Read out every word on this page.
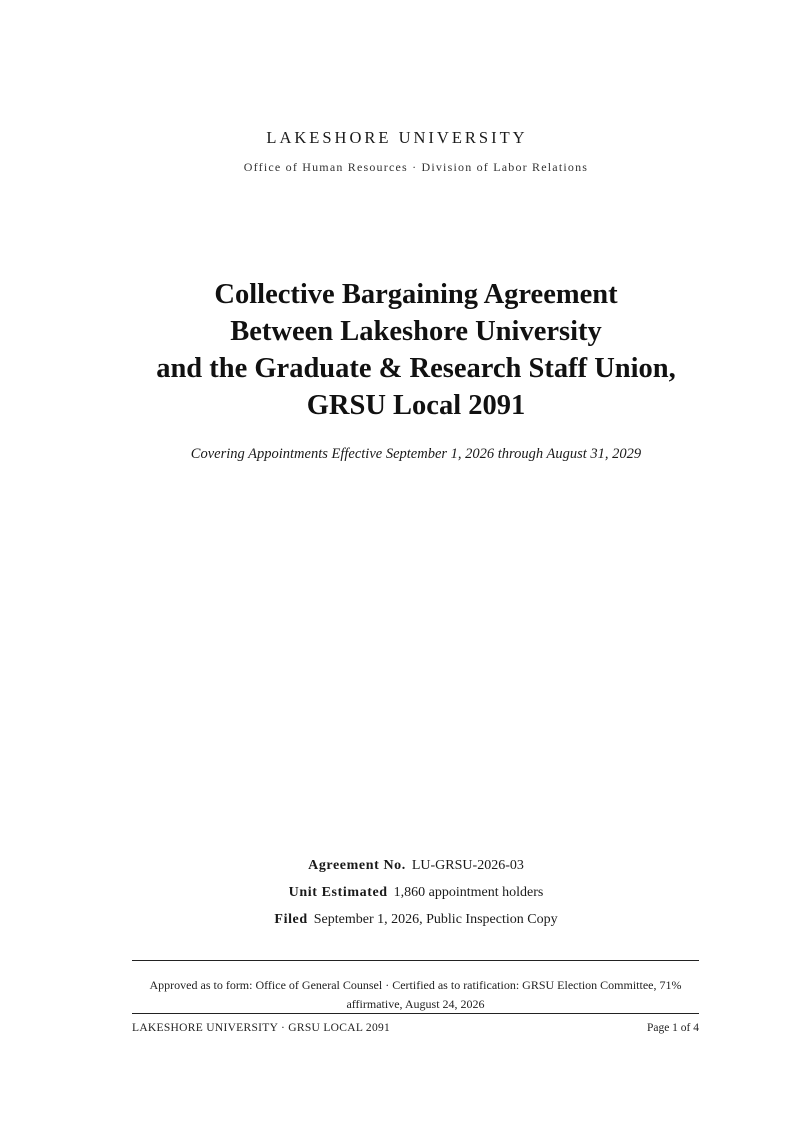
LAKESHORE UNIVERSITY
Office of Human Resources · Division of Labor Relations
Collective Bargaining Agreement
Between Lakeshore University
and the Graduate & Research Staff Union,
GRSU Local 2091
Covering Appointments Effective September 1, 2026 through August 31, 2029
Agreement No. LU-GRSU-2026-03
Unit Estimated 1,860 appointment holders
Filed September 1, 2026, Public Inspection Copy
Approved as to form: Office of General Counsel · Certified as to ratification: GRSU Election Committee, 71% affirmative, August 24, 2026
LAKESHORE UNIVERSITY · GRSU LOCAL 2091	Page 1 of 4
